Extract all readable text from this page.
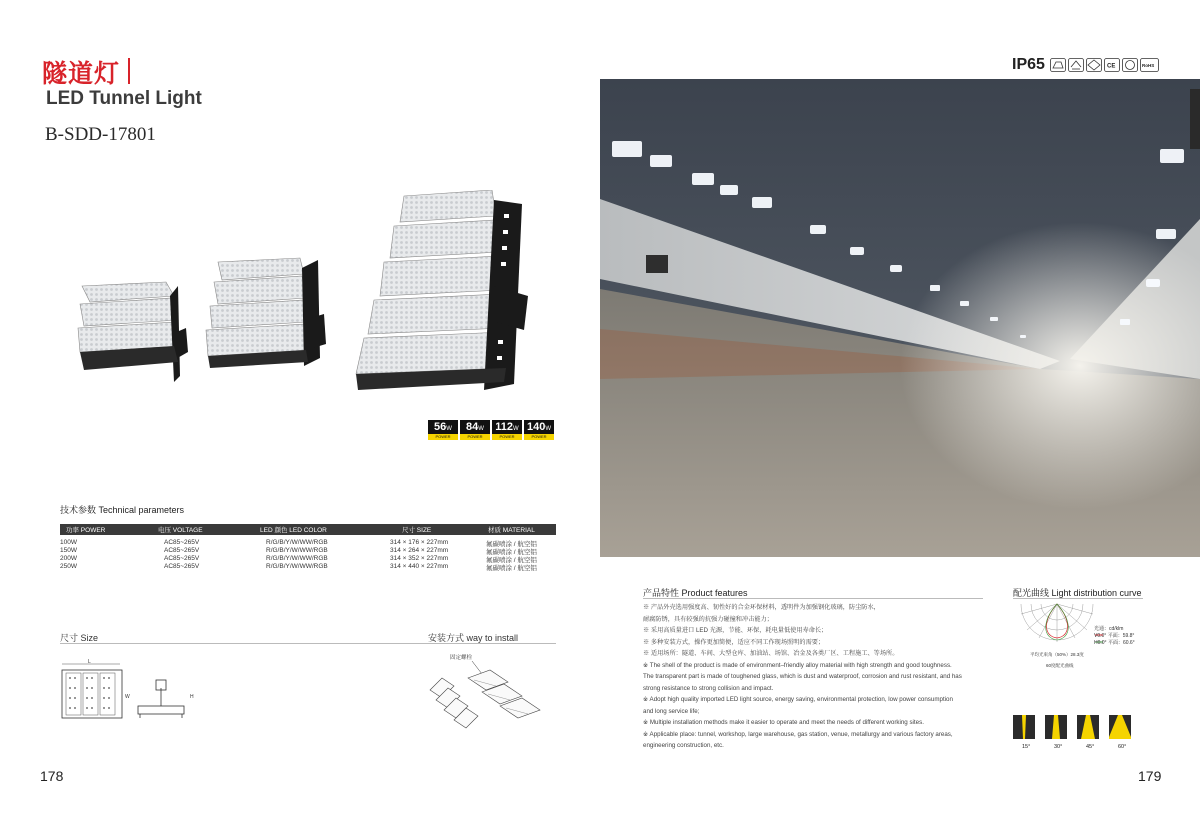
隧道灯
LED Tunnel Light
B-SDD-17801
56W
POWER
84W
POWER
112W
POWER
140W
POWER
技术参数 Technical parameters
功率 POWER	电压 VOLTAGE	LED 颜色 LED COLOR	尺寸 SIZE	材质 MATERIAL
100W	AC85~265V	R/G/B/Y/W/WW/RGB	314 × 176 × 227mm	氟碳喷涂 / 航空铝
150W	AC85~265V	R/G/B/Y/W/WW/RGB	314 × 264 × 227mm	氟碳喷涂 / 航空铝
200W	AC85~265V	R/G/B/Y/W/WW/RGB	314 × 352 × 227mm	氟碳喷涂 / 航空铝
250W	AC85~265V	R/G/B/Y/W/WW/RGB	314 × 440 × 227mm	氟碳喷涂 / 航空铝
尺寸 Size	安装方式 way to install
L
W	H
固定螺栓
178
IP65	CE	RoHS
产品特性 Product features

※ 产品外壳选用强度高、韧性好的合金环保材料，透明件为加强钢化玻璃，防尘防水，

耐腐防锈，具有较强的抗强力碰撞和冲击能力；

※ 采用高质量进口 LED 光源，节能、环保，耗电量低使用寿命长；

※ 多种安装方式，操作更加简便，适应不同工作现场照明的需要；

※ 适用场所：隧道、车间、大型仓库、加油站、场馆、冶金及各类厂区、工程施工、等场所。

※ The shell of the product is made of environment–friendly alloy material with high strength and good toughness.

The transparent part is made of toughened glass, which is dust and waterproof, corrosion and rust resistant, and has

strong resistance to strong collision and impact.

※ Adopt high quality imported LED light source, energy saving, environmental protection, low power consumption

and long service life;

※ Multiple installation methods make it easier to operate and meet the needs of different working sites.

※ Applicable place: tunnel, workshop, large warehouse, gas station, venue, metallurgy and various factory areas,

engineering construction, etc.

配光曲线 Light distribution curve
光通：cd/klm
V0.0° 平面：59.8°
H0.0° 平面：60.6°
平均光束角（50%）28.3度
60度配光曲线
15°	30°	45°	60°
179
